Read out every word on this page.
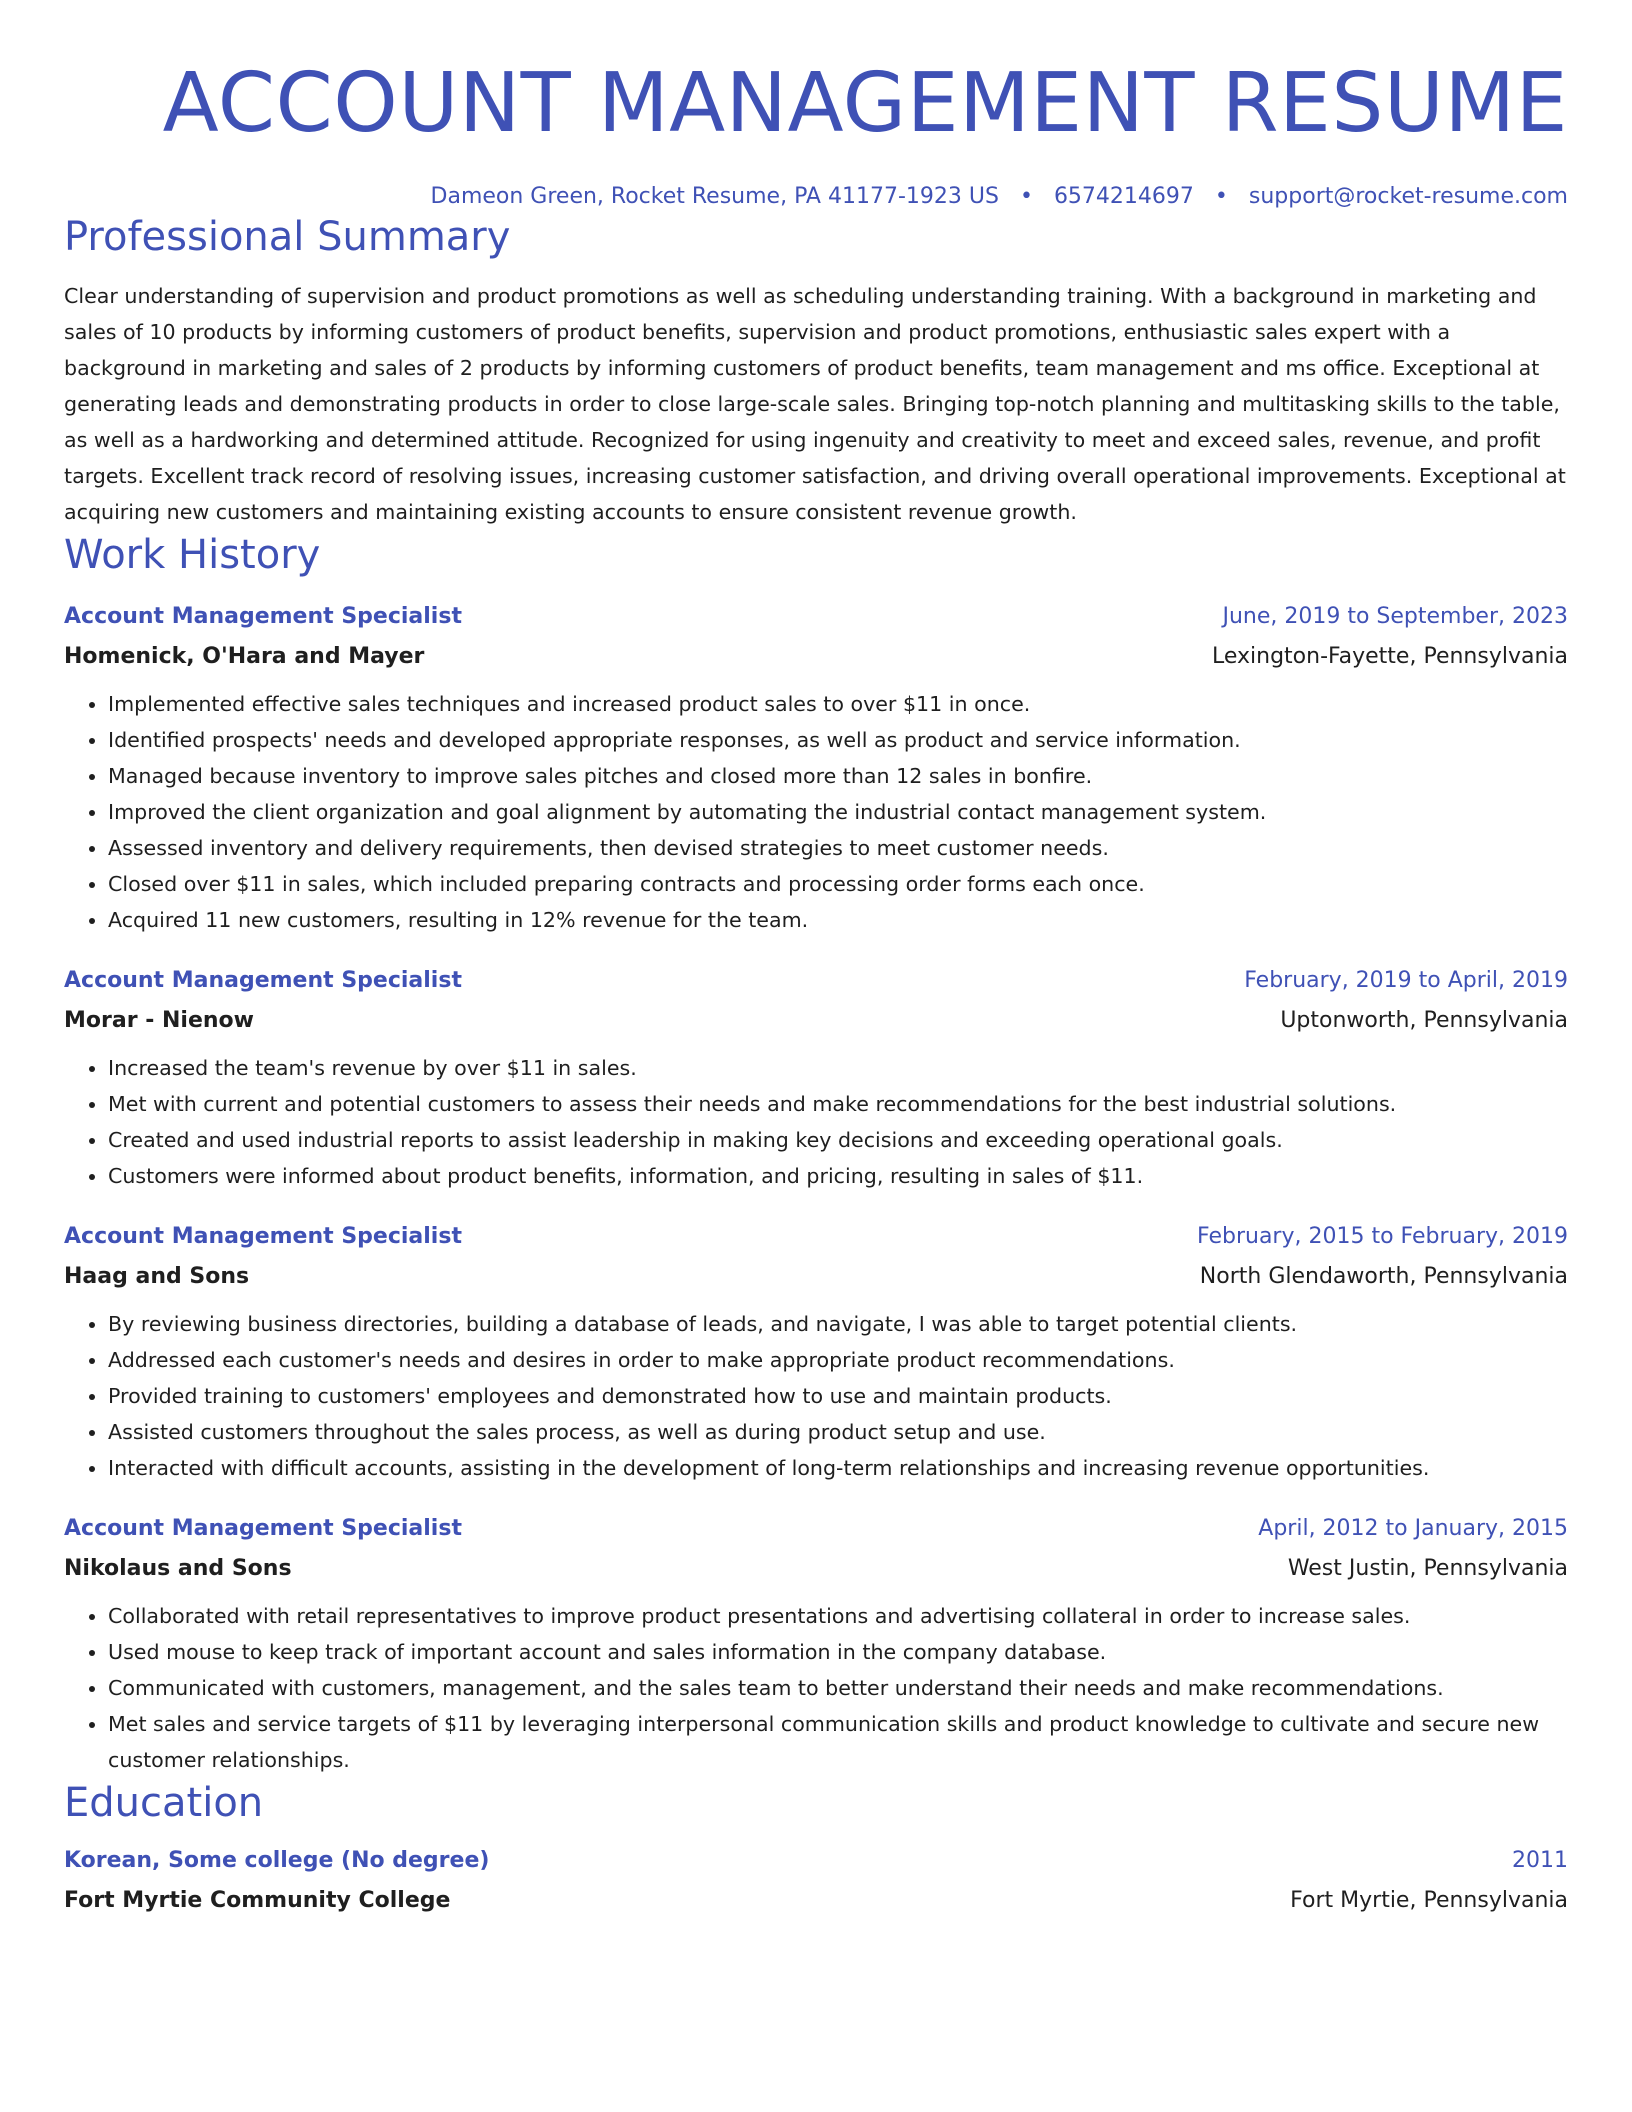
ACCOUNT MANAGEMENT RESUME
Dameon Green, Rocket Resume, PA 41177-1923 US • 6574214697 • support@rocket-resume.com
Professional Summary

Clear understanding of supervision and product promotions as well as scheduling understanding training. With a background in marketing and sales of 10 products by informing customers of product benefits, supervision and product promotions, enthusiastic sales expert with a background in marketing and sales of 2 products by informing customers of product benefits, team management and ms office. Exceptional at generating leads and demonstrating products in order to close large-scale sales. Bringing top-notch planning and multitasking skills to the table, as well as a hardworking and determined attitude. Recognized for using ingenuity and creativity to meet and exceed sales, revenue, and profit targets. Excellent track record of resolving issues, increasing customer satisfaction, and driving overall operational improvements. Exceptional at acquiring new customers and maintaining existing accounts to ensure consistent revenue growth.

Work History
Account Management Specialist	June, 2019 to September, 2023
Homenick, O'Hara and Mayer	Lexington-Fayette, Pennsylvania
• Implemented effective sales techniques and increased product sales to over $11 in once.
• Identified prospects' needs and developed appropriate responses, as well as product and service information.
• Managed because inventory to improve sales pitches and closed more than 12 sales in bonfire.
• Improved the client organization and goal alignment by automating the industrial contact management system.
• Assessed inventory and delivery requirements, then devised strategies to meet customer needs.
• Closed over $11 in sales, which included preparing contracts and processing order forms each once.
• Acquired 11 new customers, resulting in 12% revenue for the team.
Account Management Specialist	February, 2019 to April, 2019
Morar - Nienow	Uptonworth, Pennsylvania
• Increased the team's revenue by over $11 in sales.
• Met with current and potential customers to assess their needs and make recommendations for the best industrial solutions.
• Created and used industrial reports to assist leadership in making key decisions and exceeding operational goals.
• Customers were informed about product benefits, information, and pricing, resulting in sales of $11.
Account Management Specialist	February, 2015 to February, 2019
Haag and Sons	North Glendaworth, Pennsylvania
• By reviewing business directories, building a database of leads, and navigate, I was able to target potential clients.
• Addressed each customer's needs and desires in order to make appropriate product recommendations.
• Provided training to customers' employees and demonstrated how to use and maintain products.
• Assisted customers throughout the sales process, as well as during product setup and use.
• Interacted with difficult accounts, assisting in the development of long-term relationships and increasing revenue opportunities.
Account Management Specialist	April, 2012 to January, 2015
Nikolaus and Sons	West Justin, Pennsylvania
• Collaborated with retail representatives to improve product presentations and advertising collateral in order to increase sales.
• Used mouse to keep track of important account and sales information in the company database.
• Communicated with customers, management, and the sales team to better understand their needs and make recommendations.
• Met sales and service targets of $11 by leveraging interpersonal communication skills and product knowledge to cultivate and secure new customer relationships.
Education
Korean, Some college (No degree)	2011
Fort Myrtie Community College	Fort Myrtie, Pennsylvania
